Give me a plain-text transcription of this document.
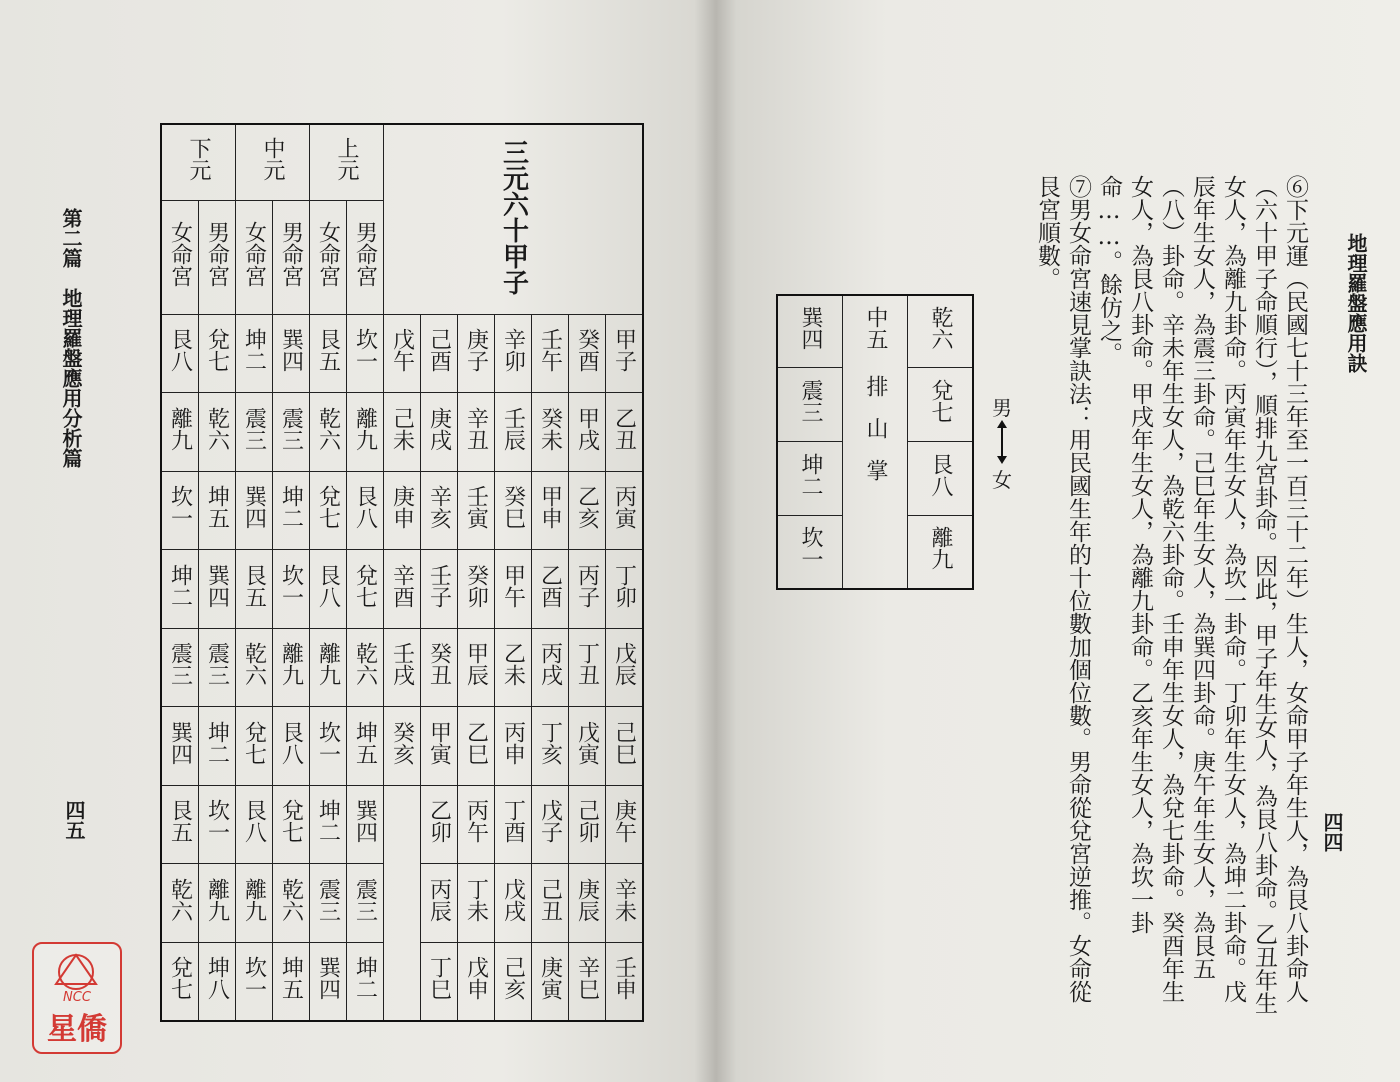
第二篇　地理羅盤應用分析篇
四五
下元		中元		上元		三元六十甲子						
女命宮	男命宮	女命宮	男命宮	女命宮	男命宮							
艮八	兌七	坤二	巽四	艮五	坎一	戊午	己酉	庚子	辛卯	壬午	癸酉	甲子
離九	乾六	震三	震三	乾六	離九	己未	庚戌	辛丑	壬辰	癸未	甲戌	乙丑
坎一	坤五	巽四	坤二	兌七	艮八	庚申	辛亥	壬寅	癸巳	甲申	乙亥	丙寅
坤二	巽四	艮五	坎一	艮八	兌七	辛酉	壬子	癸卯	甲午	乙酉	丙子	丁卯
震三	震三	乾六	離九	離九	乾六	壬戌	癸丑	甲辰	乙未	丙戌	丁丑	戊辰
巽四	坤二	兌七	艮八	坎一	坤五	癸亥	甲寅	乙巳	丙申	丁亥	戊寅	己巳
艮五	坎一	艮八	兌七	坤二	巽四		乙卯	丙午	丁酉	戊子	己卯	庚午
乾六	離九	離九	乾六	震三	震三		丙辰	丁未	戊戌	己丑	庚辰	辛未
兌七	坤八	坎一	坤五	巽四	坤二		丁巳	戊申	己亥	庚寅	辛巳	壬申
NCC
星僑
地理羅盤應用訣
四四

⑥下元運（民國七十三年至一百三十二年）生人，女命甲子年生人，為艮八卦命人（六十甲子命順行），順排九宮卦命。因此，甲子年生女人，為艮八卦命。乙丑年生女人，為離九卦命。丙寅年生女人，為坎一卦命。丁卯年生女人，為坤二卦命。戊辰年生女人，為震三卦命。己巳年生女人，為巽四卦命。庚午年生女人，為艮五（八）卦命。辛未年生女人，為乾六卦命。壬申年生女人，為兌七卦命。癸酉年生女人，為艮八卦命。甲戌年生女人，為離九卦命。乙亥年生女人，為坎一卦命……。餘仿之。

⑦男女命宮速見掌訣法：用民國生年的十位數加個位數。男命從兌宮逆推。女命從艮宮順數。

男
女
巽四	中五	乾六
震三	排山掌	兌七
坤二		艮八
坎一		離九
